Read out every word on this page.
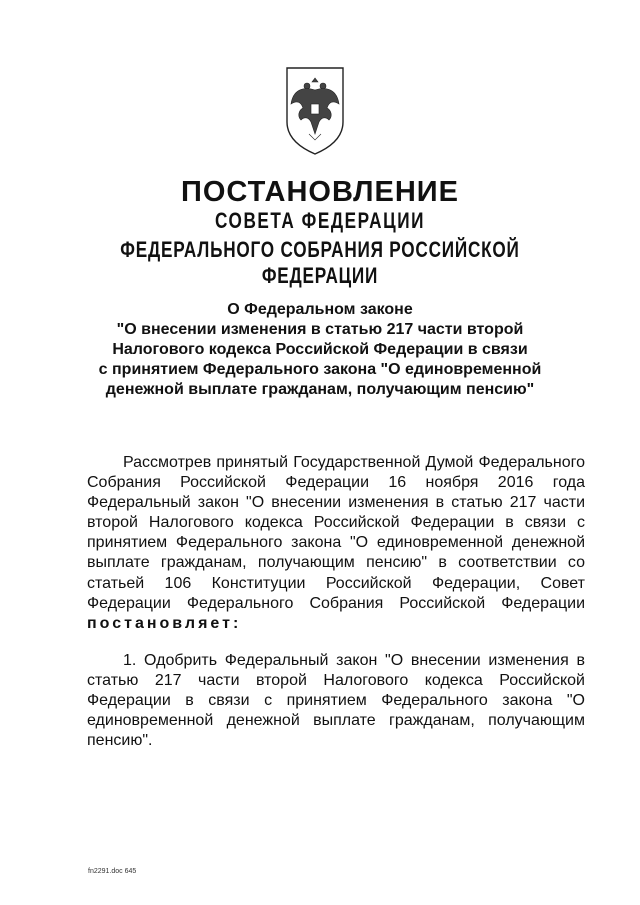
ПОСТАНОВЛЕНИЕ
СОВЕТА ФЕДЕРАЦИИ
ФЕДЕРАЛЬНОГО СОБРАНИЯ РОССИЙСКОЙ ФЕДЕРАЦИИ
О Федеральном законе
"О внесении изменения в статью 217 части второй
Налогового кодекса Российской Федерации в связи
с принятием Федерального закона "О единовременной
денежной выплате гражданам, получающим пенсию"
Рассмотрев принятый Государственной Думой Федерального
Собрания Российской Федерации 16 ноября 2016 года
Федеральный закон "О внесении изменения в статью 217 части
второй Налогового кодекса Российской Федерации в связи с
принятием Федерального закона "О единовременной денежной
выплате гражданам, получающим пенсию" в соответствии со
статьей 106 Конституции Российской Федерации, Совет
Федерации Федерального Собрания Российской Федерации
постановляет:
1. Одобрить Федеральный закон "О внесении изменения в
статью 217 части второй Налогового кодекса Российской
Федерации в связи с принятием Федерального закона "О
единовременной денежной выплате гражданам, получающим
пенсию".
fn2291.doc 645
